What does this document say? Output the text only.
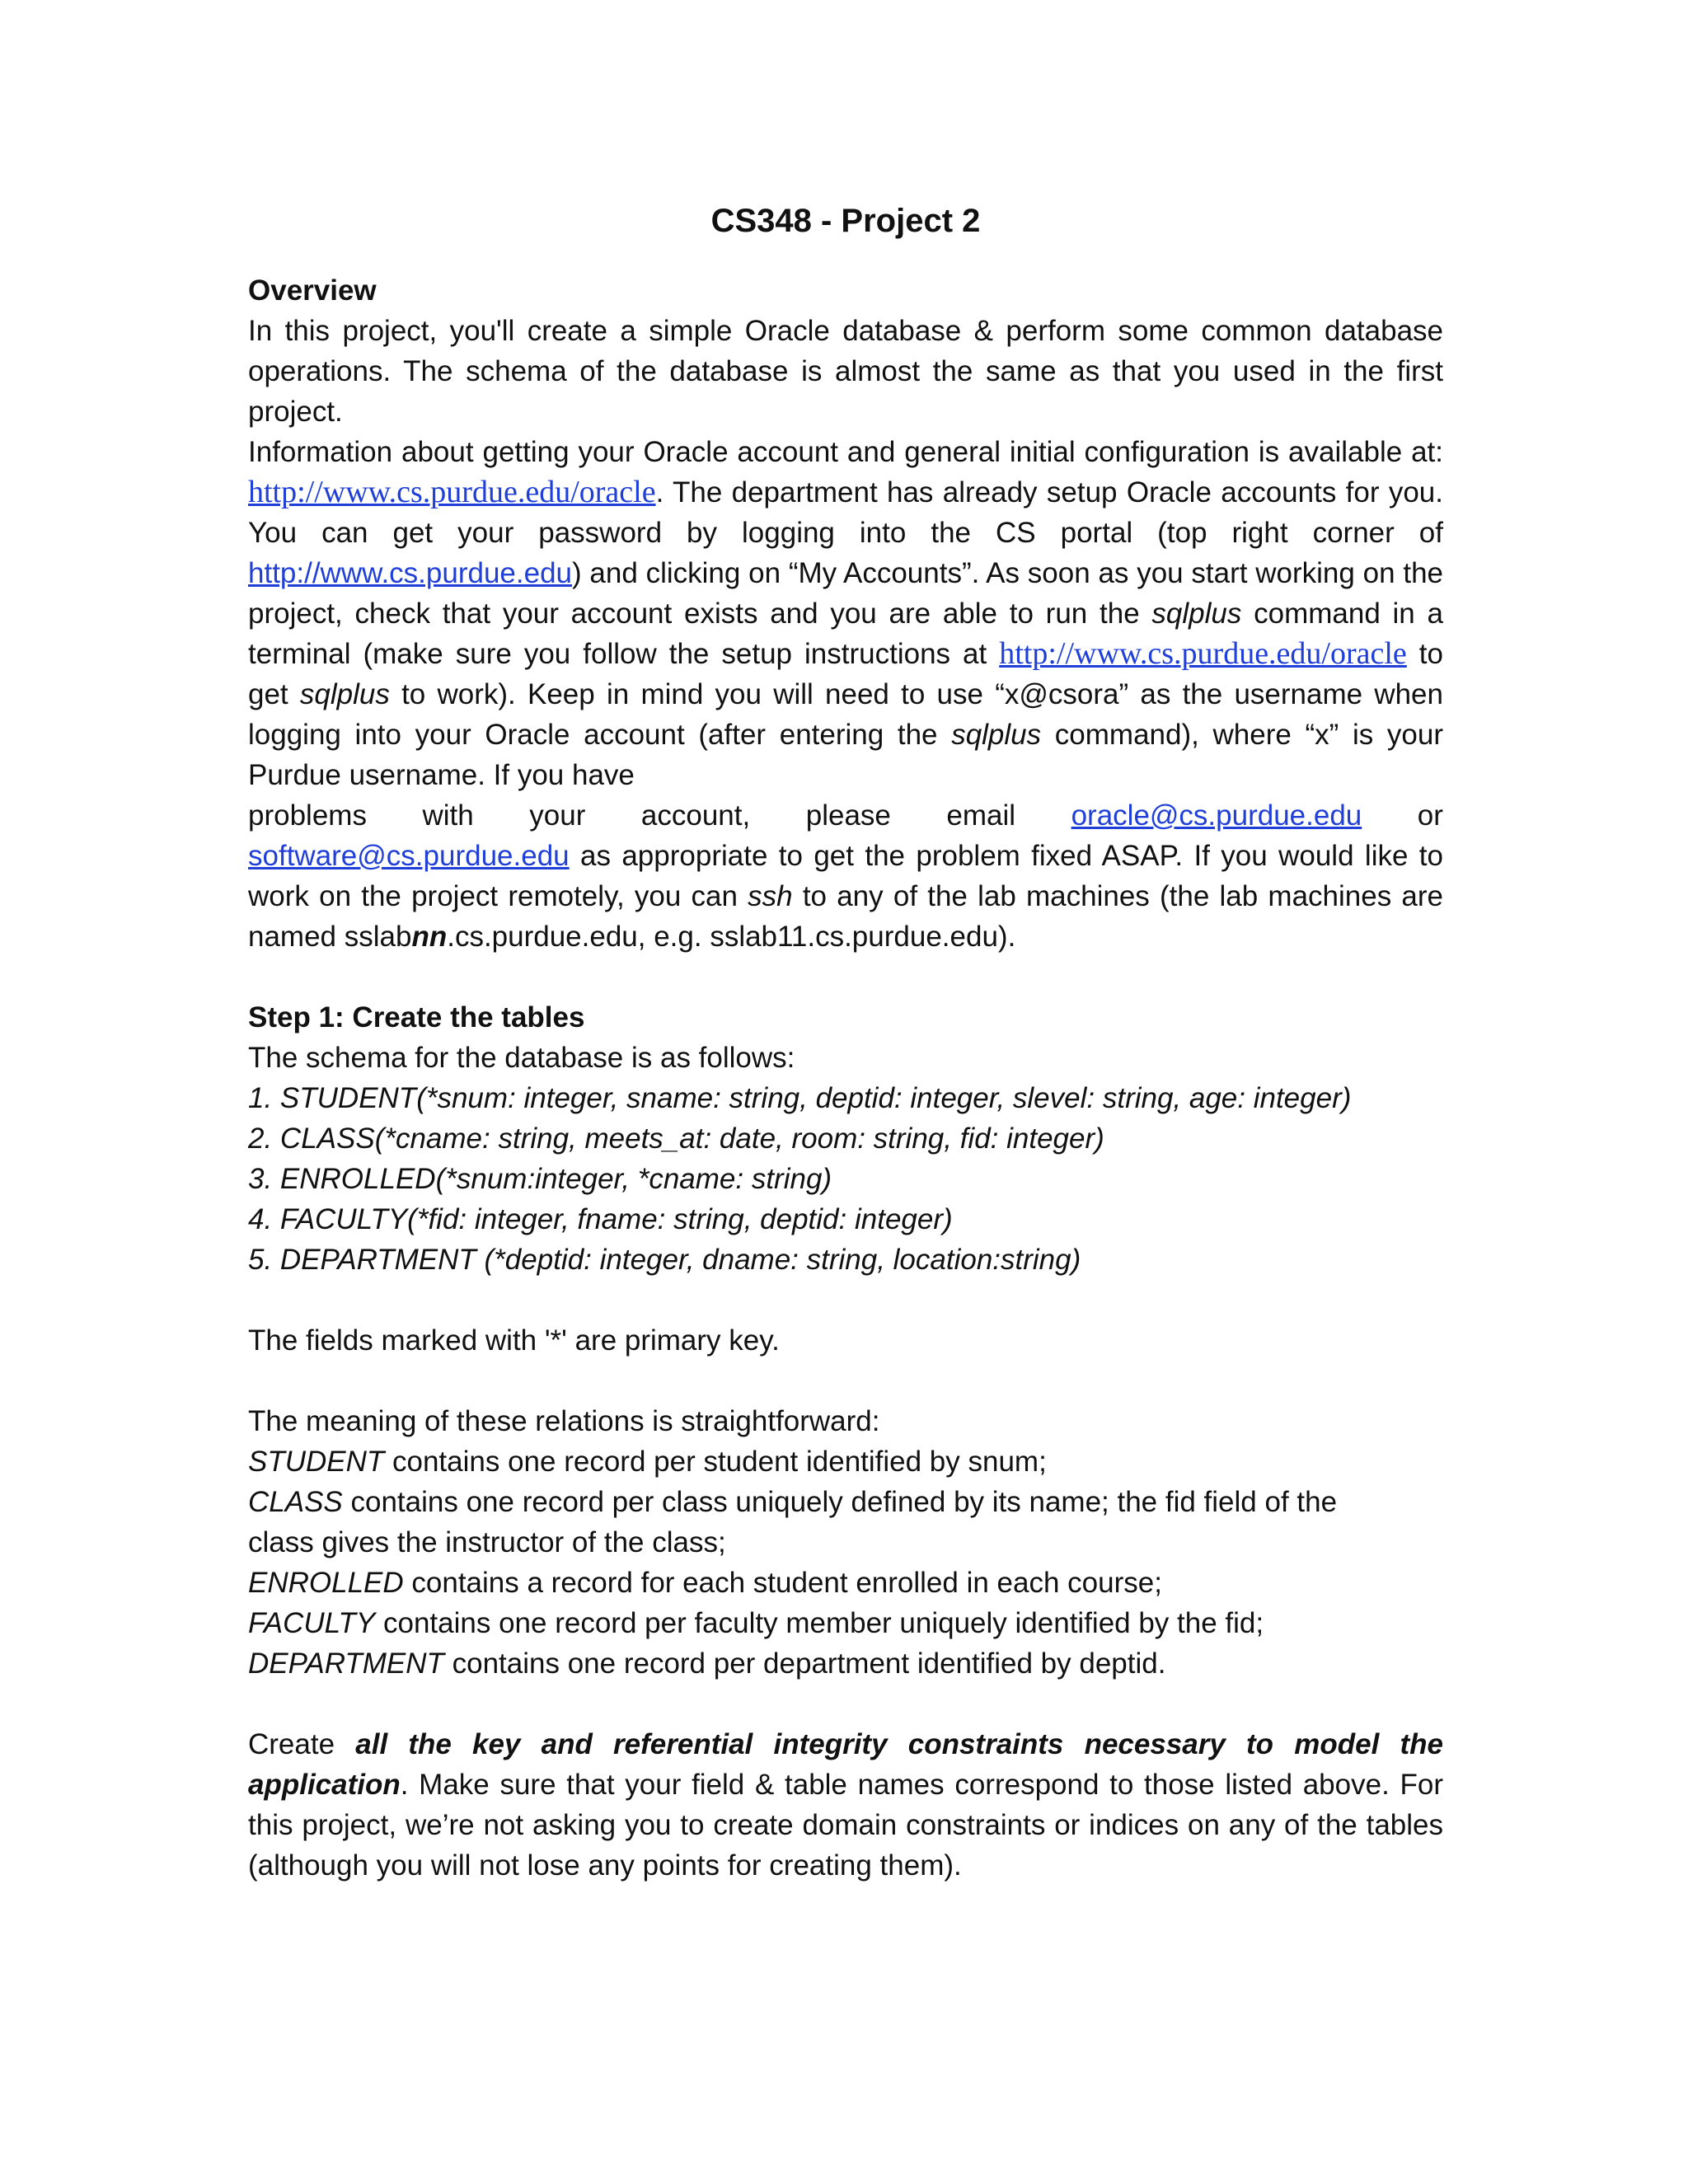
CS348 - Project 2
Overview

In this project, you'll create a simple Oracle database & perform some common database operations. The schema of the database is almost the same as that you used in the first project.

Information about getting your Oracle account and general initial configuration is available at: http://www.cs.purdue.edu/oracle. The department has already setup Oracle accounts for you. You can get your password by logging into the CS portal (top right corner of http://www.cs.purdue.edu) and clicking on “My Accounts”. As soon as you start working on the project, check that your account exists and you are able to run the sqlplus command in a terminal (make sure you follow the setup instructions at http://www.cs.purdue.edu/oracle to get sqlplus to work). Keep in mind you will need to use “x@csora” as the username when logging into your Oracle account (after entering the sqlplus command), where “x” is your Purdue username. If you have

problems with your account, please email oracle@cs.purdue.edu or

software@cs.purdue.edu as appropriate to get the problem fixed ASAP. If you would like to work on the project remotely, you can ssh to any of the lab machines (the lab machines are named sslabnn.cs.purdue.edu, e.g. sslab11.cs.purdue.edu).

Step 1: Create the tables

The schema for the database is as follows:

1. STUDENT(*snum: integer, sname: string, deptid: integer, slevel: string, age: integer)

2. CLASS(*cname: string, meets_at: date, room: string, fid: integer)

3. ENROLLED(*snum:integer, *cname: string)

4. FACULTY(*fid: integer, fname: string, deptid: integer)

5. DEPARTMENT (*deptid: integer, dname: string, location:string)

The fields marked with '*' are primary key.

The meaning of these relations is straightforward:

STUDENT contains one record per student identified by snum;

CLASS contains one record per class uniquely defined by its name; the fid field of the class gives the instructor of the class;

ENROLLED contains a record for each student enrolled in each course;

FACULTY contains one record per faculty member uniquely identified by the fid;

DEPARTMENT contains one record per department identified by deptid.

Create all the key and referential integrity constraints necessary to model the application. Make sure that your field & table names correspond to those listed above. For this project, we’re not asking you to create domain constraints or indices on any of the tables (although you will not lose any points for creating them).
